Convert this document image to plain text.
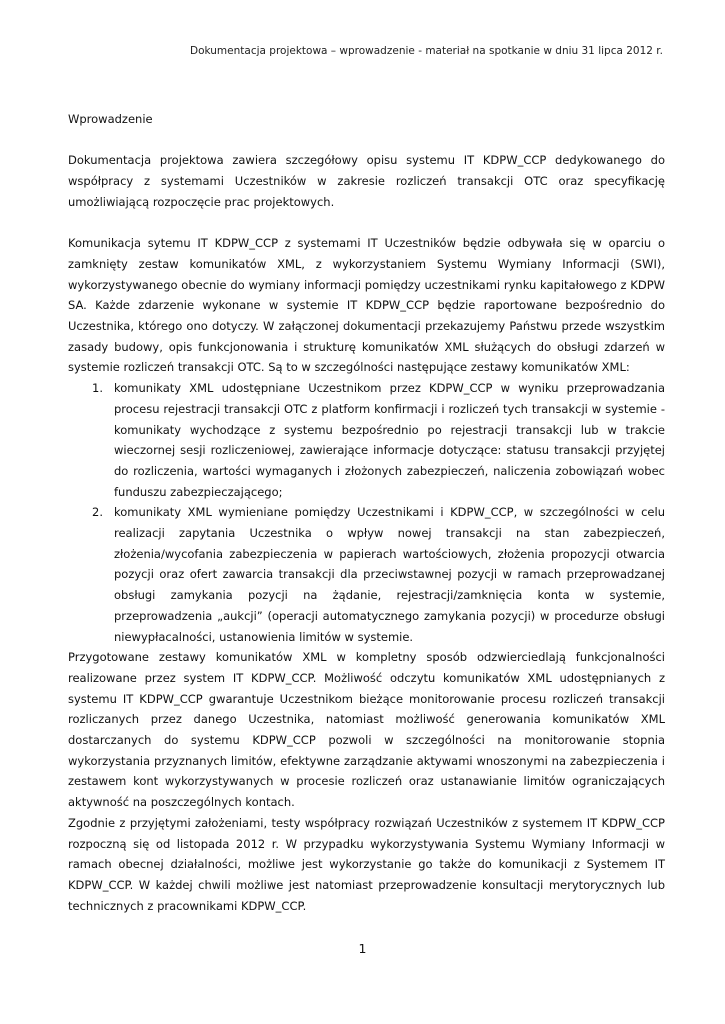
Dokumentacja projektowa – wprowadzenie - materiał na spotkanie w dniu 31 lipca 2012 r.

Wprowadzenie

Dokumentacja projektowa zawiera szczegółowy opisu systemu IT KDPW_CCP dedykowanego do współpracy z systemami Uczestników w zakresie rozliczeń transakcji OTC oraz specyfikację umożliwiającą rozpoczęcie prac projektowych.

Komunikacja sytemu IT KDPW_CCP z systemami IT Uczestników będzie odbywała się w oparciu o zamknięty zestaw komunikatów XML, z wykorzystaniem Systemu Wymiany Informacji (SWI), wykorzystywanego obecnie do wymiany informacji pomiędzy uczestnikami rynku kapitałowego z KDPW SA. Każde zdarzenie wykonane w systemie IT KDPW_CCP będzie raportowane bezpośrednio do Uczestnika, którego ono dotyczy. W załączonej dokumentacji przekazujemy Państwu przede wszystkim zasady budowy, opis funkcjonowania i strukturę komunikatów XML służących do obsługi zdarzeń w systemie rozliczeń transakcji OTC. Są to w szczególności następujące zestawy komunikatów XML:

1. komunikaty XML udostępniane Uczestnikom przez KDPW_CCP w wyniku przeprowadzania procesu rejestracji transakcji OTC z platform konfirmacji i rozliczeń tych transakcji w systemie - komunikaty wychodzące z systemu bezpośrednio po rejestracji transakcji lub w trakcie wieczornej sesji rozliczeniowej, zawierające informacje dotyczące: statusu transakcji przyjętej do rozliczenia, wartości wymaganych i złożonych zabezpieczeń, naliczenia zobowiązań wobec funduszu zabezpieczającego;
2. komunikaty XML wymieniane pomiędzy Uczestnikami i KDPW_CCP, w szczególności w celu realizacji zapytania Uczestnika o wpływ nowej transakcji na stan zabezpieczeń, złożenia/wycofania zabezpieczenia w papierach wartościowych, złożenia propozycji otwarcia pozycji oraz ofert zawarcia transakcji dla przeciwstawnej pozycji w ramach przeprowadzanej obsługi zamykania pozycji na żądanie, rejestracji/zamknięcia konta w systemie, przeprowadzenia „aukcji” (operacji automatycznego zamykania pozycji) w procedurze obsługi niewypłacalności, ustanowienia limitów w systemie.

Przygotowane zestawy komunikatów XML w kompletny sposób odzwierciedlają funkcjonalności realizowane przez system IT KDPW_CCP. Możliwość odczytu komunikatów XML udostępnianych z systemu IT KDPW_CCP gwarantuje Uczestnikom bieżące monitorowanie procesu rozliczeń transakcji rozliczanych przez danego Uczestnika, natomiast możliwość generowania komunikatów XML dostarczanych do systemu KDPW_CCP pozwoli w szczególności na monitorowanie stopnia wykorzystania przyznanych limitów, efektywne zarządzanie aktywami wnoszonymi na zabezpieczenia i zestawem kont wykorzystywanych w procesie rozliczeń oraz ustanawianie limitów ograniczających aktywność na poszczególnych kontach.

Zgodnie z przyjętymi założeniami, testy współpracy rozwiązań Uczestników z systemem IT KDPW_CCP rozpoczną się od listopada 2012 r. W przypadku wykorzystywania Systemu Wymiany Informacji w ramach obecnej działalności, możliwe jest wykorzystanie go także do komunikacji z Systemem IT KDPW_CCP. W każdej chwili możliwe jest natomiast przeprowadzenie konsultacji merytorycznych lub technicznych z pracownikami KDPW_CCP.

1
